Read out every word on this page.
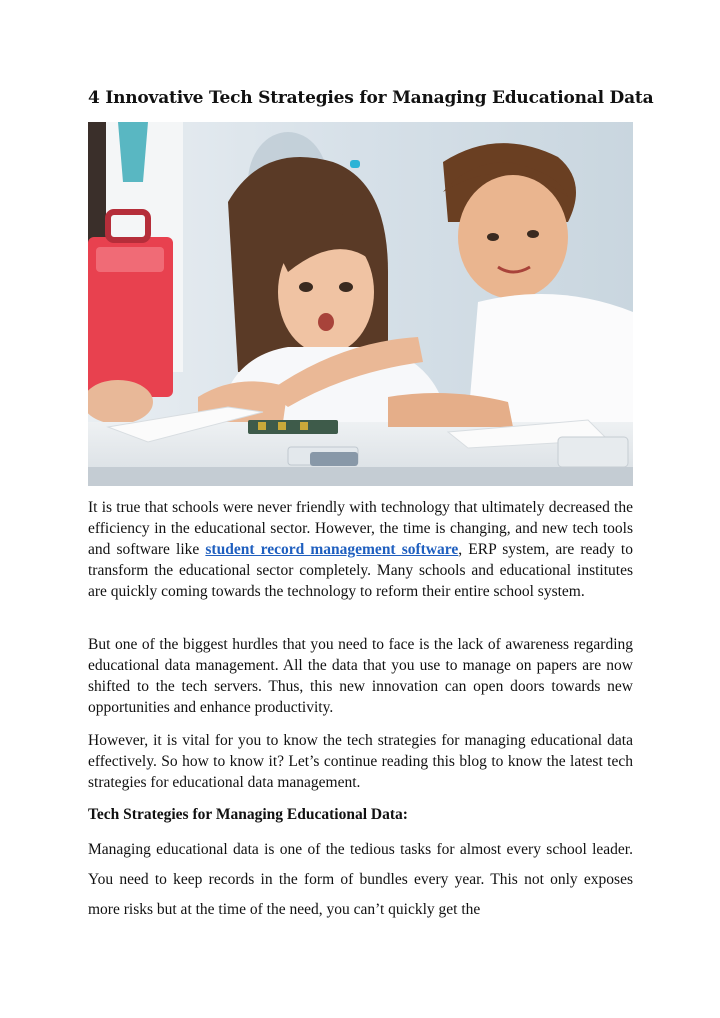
4 Innovative Tech Strategies for Managing Educational Data

It is true that schools were never friendly with technology that ultimately decreased the efficiency in the educational sector. However, the time is changing, and new tech tools and software like student record management software, ERP system, are ready to transform the educational sector completely. Many schools and educational institutes are quickly coming towards the technology to reform their entire school system.

But one of the biggest hurdles that you need to face is the lack of awareness regarding educational data management. All the data that you use to manage on papers are now shifted to the tech servers. Thus, this new innovation can open doors towards new opportunities and enhance productivity.

However, it is vital for you to know the tech strategies for managing educational data effectively. So how to know it? Let’s continue reading this blog to know the latest tech strategies for educational data management.

Tech Strategies for Managing Educational Data:

Managing educational data is one of the tedious tasks for almost every school leader. You need to keep records in the form of bundles every year. This not only exposes more risks but at the time of the need, you can’t quickly get the
